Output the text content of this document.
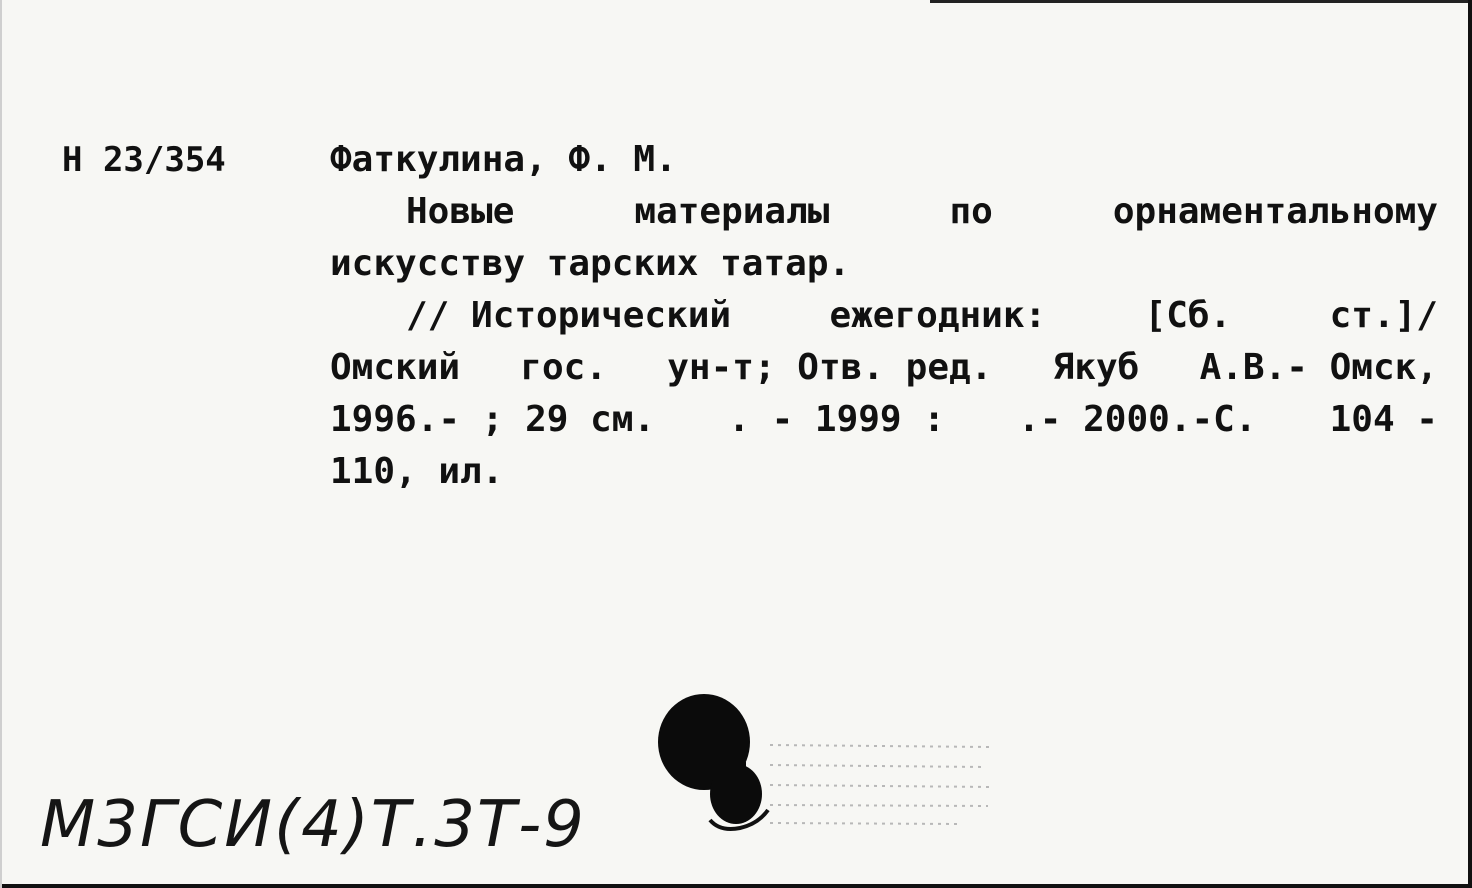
Н 23/354	Фаткулина, Ф. М.
Новые	материалы	по	орнаментальному
искусству тарских татар.
// Исторический	ежегодник:	[Сб.	ст.]/
Омский гос. ун-т; Отв. ред. Якуб А.В.- Омск,
1996.- ; 29 см. . - 1999 : .- 2000.-С. 104 -
110, ил.
М3ГСИ(4)Т.3Т-9
